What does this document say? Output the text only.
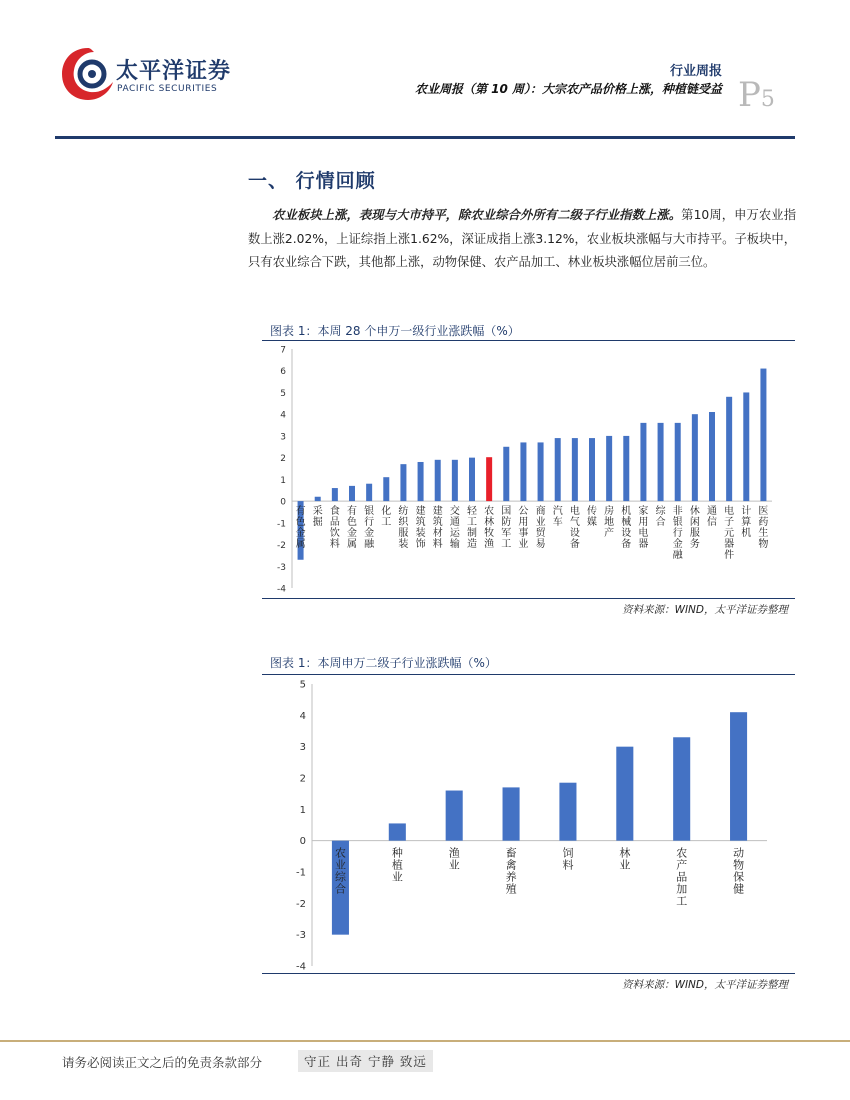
太平洋证券
PACIFIC SECURITIES
行业周报
农业周报（第 10 周）：大宗农产品价格上涨，种植链受益 P5
一、 行情回顾
农业板块上涨，表现与大市持平，除农业综合外所有二级子行业指数上涨。第10周，申万农业指数上涨2.02%，上证综指上涨1.62%，深证成指上涨3.12%，农业板块涨幅与大市持平。子板块中，只有农业综合下跌，其他都上涨，动物保健、农产品加工、林业板块涨幅位居前三位。
图表 1：本周 28 个申万一级行业涨跌幅（%）
-4
-3
-2
-1
0
1
2
3
4
5
6
7
有色金属
采掘
食品饮料
有色金属
银行金融
化工
纺织服装
建筑装饰
建筑材料
交通运输
轻工制造
农林牧渔
国防军工
公用事业
商业贸易
汽车
电气设备
传媒
房地产
机械设备
家用电器
综合
非银行金融
休闲服务
通信
电子元器件
计算机
医药生物
资料来源：WIND，太平洋证券整理
图表 1：本周申万二级子行业涨跌幅（%）
-4
-3
-2
-1
0
1
2
3
4
5
农业综合
种植业
渔业
畜禽养殖
饲料
林业
农产品加工
动物保健
资料来源：WIND，太平洋证券整理
请务必阅读正文之后的免责条款部分	守正 出奇 宁静 致远
